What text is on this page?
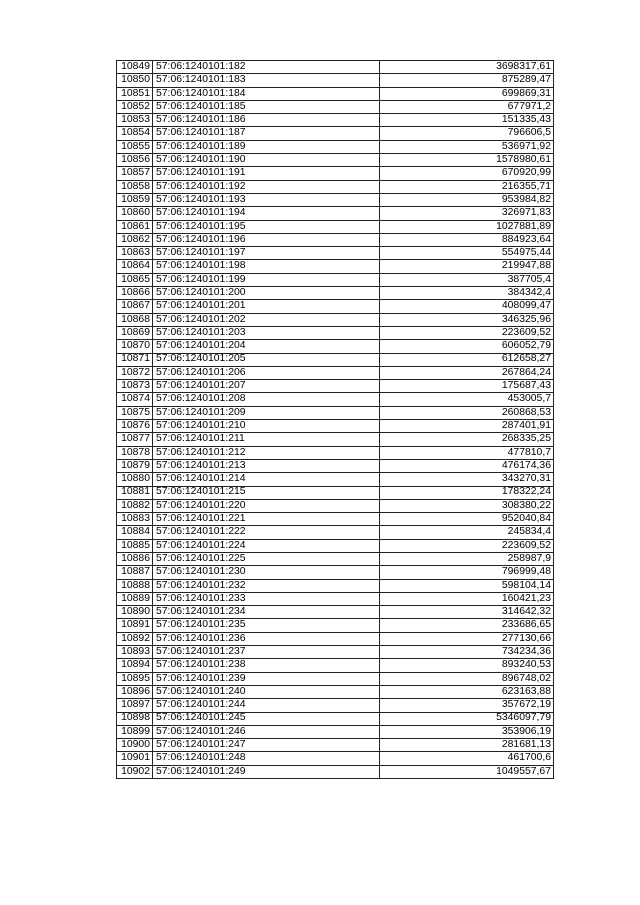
10849	57:06:1240101:182	3698317,61
10850	57:06:1240101:183	875289,47
10851	57:06:1240101:184	699869,31
10852	57:06:1240101:185	677971,2
10853	57:06:1240101:186	151335,43
10854	57:06:1240101:187	796606,5
10855	57:06:1240101:189	536971,92
10856	57:06:1240101:190	1578980,61
10857	57:06:1240101:191	670920,99
10858	57:06:1240101:192	216355,71
10859	57:06:1240101:193	953984,82
10860	57:06:1240101:194	326971,83
10861	57:06:1240101:195	1027881,89
10862	57:06:1240101:196	884923,64
10863	57:06:1240101:197	554975,44
10864	57:06:1240101:198	219947,88
10865	57:06:1240101:199	387705,4
10866	57:06:1240101:200	384342,4
10867	57:06:1240101:201	408099,47
10868	57:06:1240101:202	346325,96
10869	57:06:1240101:203	223609,52
10870	57:06:1240101:204	606052,79
10871	57:06:1240101:205	612658,27
10872	57:06:1240101:206	267864,24
10873	57:06:1240101:207	175687,43
10874	57:06:1240101:208	453005,7
10875	57:06:1240101:209	260868,53
10876	57:06:1240101:210	287401,91
10877	57:06:1240101:211	268335,25
10878	57:06:1240101:212	477810,7
10879	57:06:1240101:213	476174,36
10880	57:06:1240101:214	343270,31
10881	57:06:1240101:215	178322,24
10882	57:06:1240101:220	308380,22
10883	57:06:1240101:221	952040,84
10884	57:06:1240101:222	245834,4
10885	57:06:1240101:224	223609,52
10886	57:06:1240101:225	258987,9
10887	57:06:1240101:230	796999,48
10888	57:06:1240101:232	598104,14
10889	57:06:1240101:233	160421,23
10890	57:06:1240101:234	314642,32
10891	57:06:1240101:235	233686,65
10892	57:06:1240101:236	277130,66
10893	57:06:1240101:237	734234,36
10894	57:06:1240101:238	893240,53
10895	57:06:1240101:239	896748,02
10896	57:06:1240101:240	623163,88
10897	57:06:1240101:244	357672,19
10898	57:06:1240101:245	5346097,79
10899	57:06:1240101:246	353906,19
10900	57:06:1240101:247	281681,13
10901	57:06:1240101:248	461700,6
10902	57:06:1240101:249	1049557,67
